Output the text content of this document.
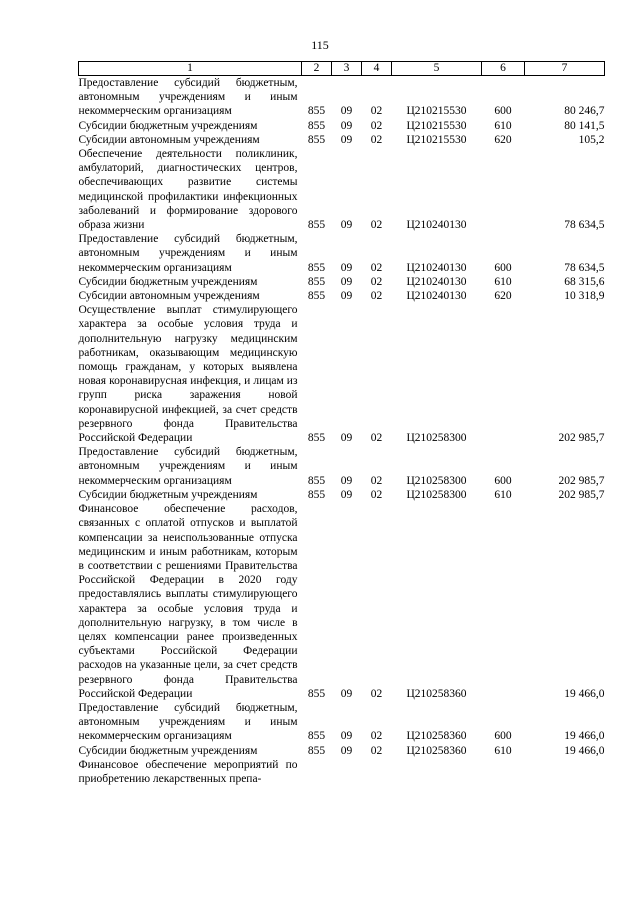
115
1	2	3	4	5	6	7
Предоставление субсидий бюджетным, автономным учреждениям и иным некоммерческим организациям	855	09	02	Ц210215530	600	80 246,7
Субсидии бюджетным учреждениям	855	09	02	Ц210215530	610	80 141,5
Субсидии автономным учреждениям	855	09	02	Ц210215530	620	105,2
Обеспечение деятельности поликлиник, амбулаторий, диагностических центров, обеспечивающих развитие системы медицинской профилактики инфекционных заболеваний и формирование здорового образа жизни	855	09	02	Ц210240130		78 634,5
Предоставление субсидий бюджетным, автономным учреждениям и иным некоммерческим организациям	855	09	02	Ц210240130	600	78 634,5
Субсидии бюджетным учреждениям	855	09	02	Ц210240130	610	68 315,6
Субсидии автономным учреждениям	855	09	02	Ц210240130	620	10 318,9
Осуществление выплат стимулирующего характера за особые условия труда и дополнительную нагрузку медицинским работникам, оказывающим медицинскую помощь гражданам, у которых выявлена новая коронавирусная инфекция, и лицам из групп риска заражения новой коронавирусной инфекцией, за счет средств резервного фонда Правительства Российской Федерации	855	09	02	Ц210258300		202 985,7
Предоставление субсидий бюджетным, автономным учреждениям и иным некоммерческим организациям	855	09	02	Ц210258300	600	202 985,7
Субсидии бюджетным учреждениям	855	09	02	Ц210258300	610	202 985,7
Финансовое обеспечение расходов, связанных с оплатой отпусков и выплатой компенсации за неиспользованные отпуска медицинским и иным работникам, которым в соответствии с решениями Правительства Российской Федерации в 2020 году предоставлялись выплаты стимулирующего характера за особые условия труда и дополнительную нагрузку, в том числе в целях компенсации ранее произведенных субъектами Российской Федерации расходов на указанные цели, за счет средств резервного фонда Правительства Российской Федерации	855	09	02	Ц210258360		19 466,0
Предоставление субсидий бюджетным, автономным учреждениям и иным некоммерческим организациям	855	09	02	Ц210258360	600	19 466,0
Субсидии бюджетным учреждениям	855	09	02	Ц210258360	610	19 466,0
Финансовое обеспечение мероприятий по приобретению лекарственных препа-						
